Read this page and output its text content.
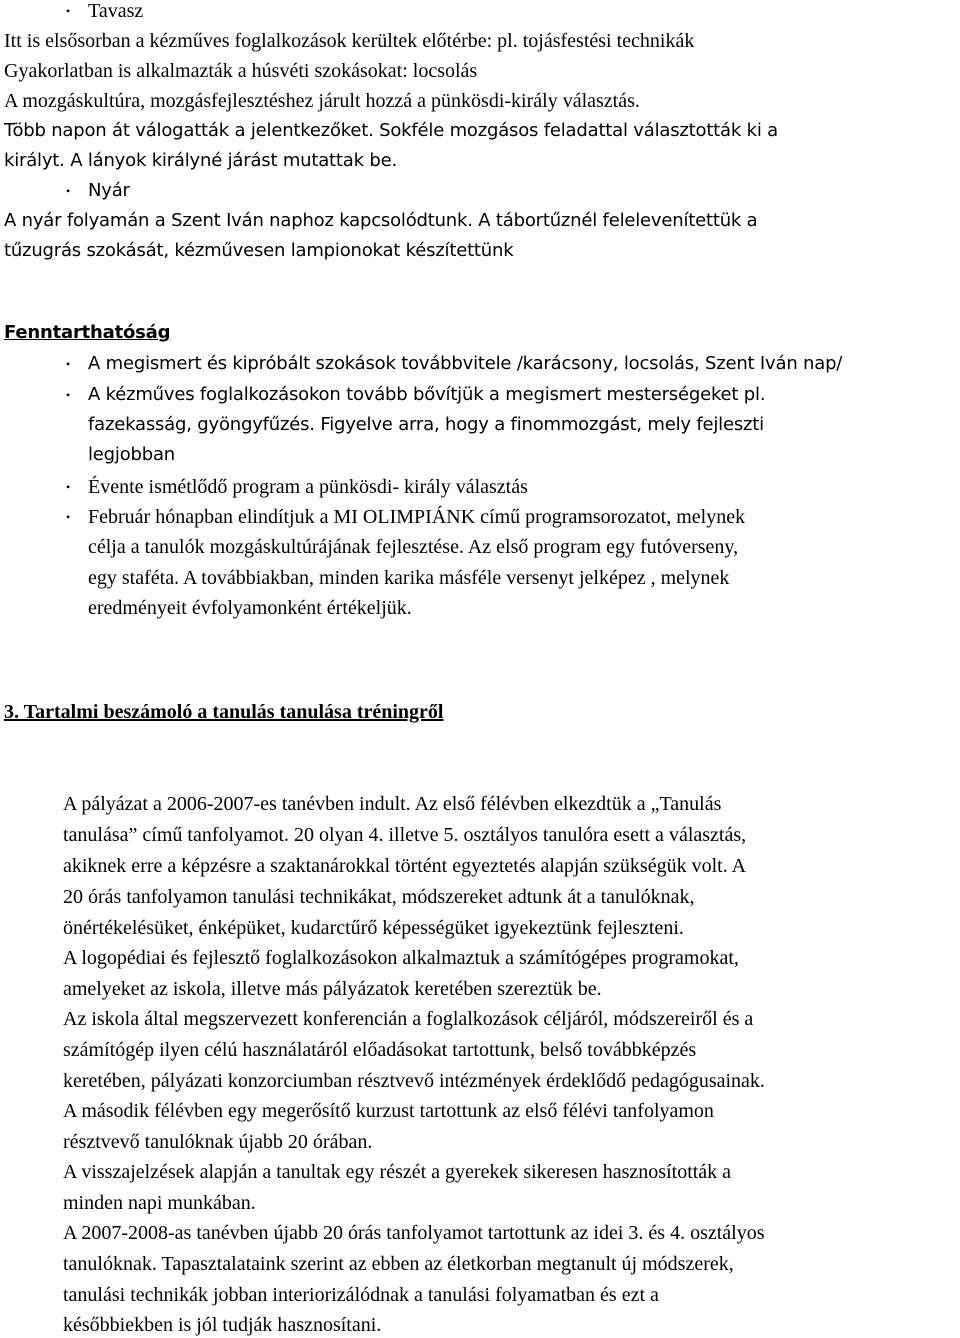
• Tavasz
Itt is elsősorban a kézműves foglalkozások kerültek előtérbe: pl. tojásfestési technikák
Gyakorlatban is alkalmazták a húsvéti szokásokat: locsolás
A mozgáskultúra, mozgásfejlesztéshez járult hozzá a pünkösdi-király választás.
Több napon át válogatták a jelentkezőket. Sokféle mozgásos feladattal választották ki a
királyt. A lányok királyné járást mutattak be.
• Nyár
A nyár folyamán a Szent Iván naphoz kapcsolódtunk. A tábortűznél felelevenítettük a
tűzugrás szokását, kézművesen lampionokat készítettünk
Fenntarthatóság
• A megismert és kipróbált szokások továbbvitele /karácsony, locsolás, Szent Iván nap/
• A kézműves foglalkozásokon tovább bővítjük a megismert mesterségeket pl.
fazekasság, gyöngyfűzés. Figyelve arra, hogy a finommozgást, mely fejleszti
legjobban
• Évente ismétlődő program a pünkösdi- király választás
• Február hónapban elindítjuk a MI OLIMPIÁNK című programsorozatot, melynek
célja a tanulók mozgáskultúrájának fejlesztése. Az első program egy futóverseny,
egy staféta. A továbbiakban, minden karika másféle versenyt jelképez , melynek
eredményeit évfolyamonként értékeljük.
3. Tartalmi beszámoló a tanulás tanulása tréningről
A pályázat a 2006-2007-es tanévben indult. Az első félévben elkezdtük a „Tanulás
tanulása” című tanfolyamot. 20 olyan 4. illetve 5. osztályos tanulóra esett a választás,
akiknek erre a képzésre a szaktanárokkal történt egyeztetés alapján szükségük volt. A
20 órás tanfolyamon tanulási technikákat, módszereket adtunk át a tanulóknak,
önértékelésüket, énképüket, kudarctűrő képességüket igyekeztünk fejleszteni.
A logopédiai és fejlesztő foglalkozásokon alkalmaztuk a számítógépes programokat,
amelyeket az iskola, illetve más pályázatok keretében szereztük be.
Az iskola által megszervezett konferencián a foglalkozások céljáról, módszereiről és a
számítógép ilyen célú használatáról előadásokat tartottunk, belső továbbképzés
keretében, pályázati konzorciumban résztvevő intézmények érdeklődő pedagógusainak.
A második félévben egy megerősítő kurzust tartottunk az első félévi tanfolyamon
résztvevő tanulóknak újabb 20 órában.
A visszajelzések alapján a tanultak egy részét a gyerekek sikeresen hasznosították a
minden napi munkában.
A 2007-2008-as tanévben újabb 20 órás tanfolyamot tartottunk az idei 3. és 4. osztályos
tanulóknak. Tapasztalataink szerint az ebben az életkorban megtanult új módszerek,
tanulási technikák jobban interiorizálódnak a tanulási folyamatban és ezt a
későbbiekben is jól tudják hasznosítani.
